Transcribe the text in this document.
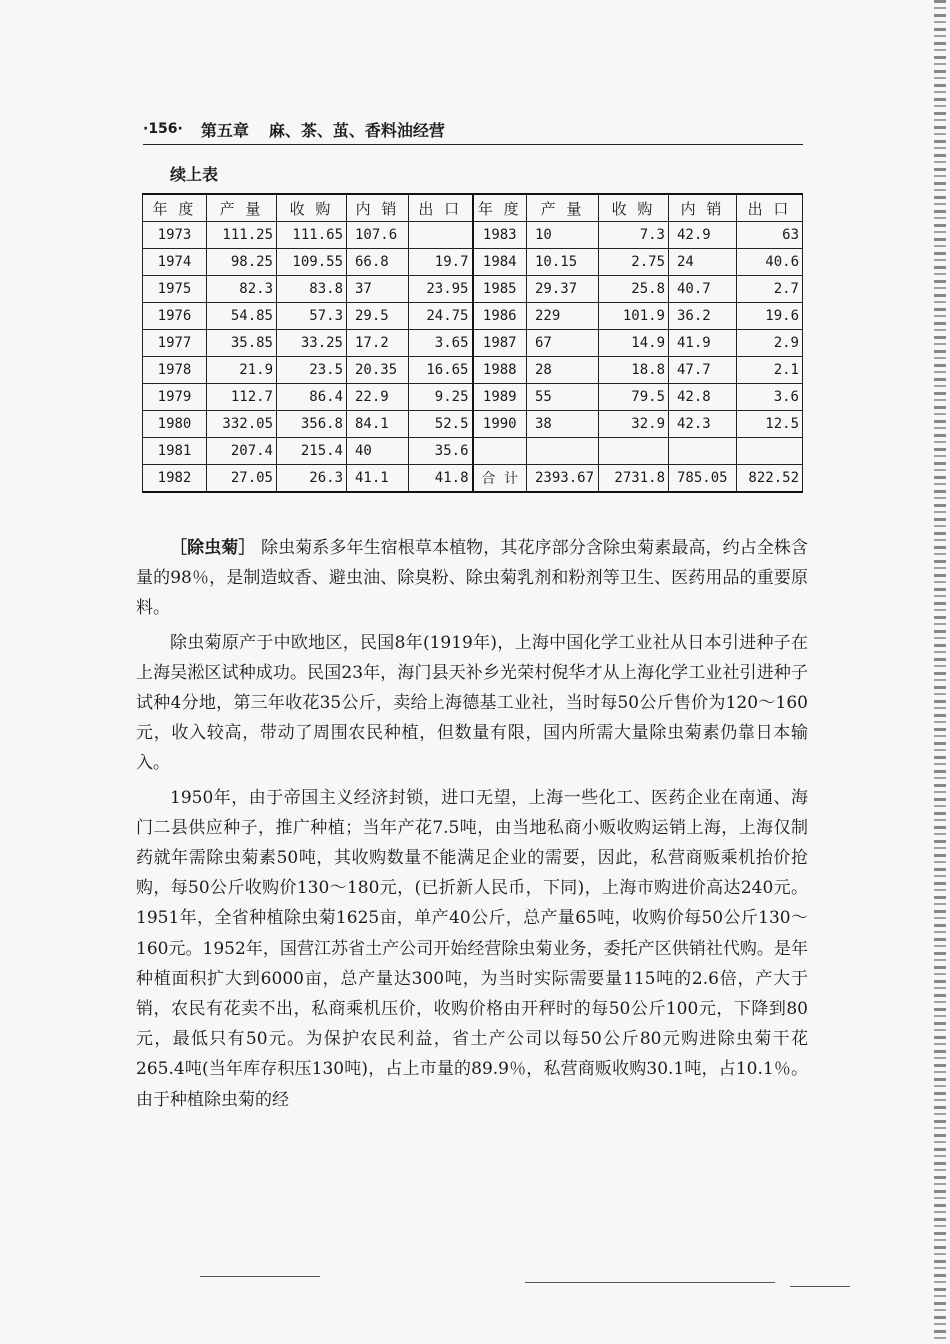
·156· 第五章 麻、茶、茧、香料油经营
续上表
年 度	产 量	收 购	内 销	出 口	年 度	产 量	收 购	内 销	出 口
1973	111.25	111.65	107.6		1983	10	7.3	42.9	63
1974	98.25	109.55	66.8	19.7	1984	10.15	2.75	24	40.6
1975	82.3	83.8	37	23.95	1985	29.37	25.8	40.7	2.7
1976	54.85	57.3	29.5	24.75	1986	229	101.9	36.2	19.6
1977	35.85	33.25	17.2	3.65	1987	67	14.9	41.9	2.9
1978	21.9	23.5	20.35	16.65	1988	28	18.8	47.7	2.1
1979	112.7	86.4	22.9	9.25	1989	55	79.5	42.8	3.6
1980	332.05	356.8	84.1	52.5	1990	38	32.9	42.3	12.5
1981	207.4	215.4	40	35.6					
1982	27.05	26.3	41.1	41.8	合 计	2393.67	2731.8	785.05	822.52

［除虫菊］ 除虫菊系多年生宿根草本植物，其花序部分含除虫菊素最高，约占全株含量的98％，是制造蚊香、避虫油、除臭粉、除虫菊乳剂和粉剂等卫生、医药用品的重要原料。

除虫菊原产于中欧地区，民国8年(1919年)，上海中国化学工业社从日本引进种子在上海吴淞区试种成功。民国23年，海门县天补乡光荣村倪华才从上海化学工业社引进种子试种4分地，第三年收花35公斤，卖给上海德基工业社，当时每50公斤售价为120～160元，收入较高，带动了周围农民种植，但数量有限，国内所需大量除虫菊素仍靠日本输入。

1950年，由于帝国主义经济封锁，进口无望，上海一些化工、医药企业在南通、海门二县供应种子，推广种植；当年产花7.5吨，由当地私商小贩收购运销上海，上海仅制药就年需除虫菊素50吨，其收购数量不能满足企业的需要，因此，私营商贩乘机抬价抢购，每50公斤收购价130～180元，(已折新人民币，下同)，上海市购进价高达240元。1951年，全省种植除虫菊1625亩，单产40公斤，总产量65吨，收购价每50公斤130～160元。1952年，国营江苏省土产公司开始经营除虫菊业务，委托产区供销社代购。是年种植面积扩大到6000亩，总产量达300吨，为当时实际需要量115吨的2.6倍，产大于销，农民有花卖不出，私商乘机压价，收购价格由开秤时的每50公斤100元，下降到80元，最低只有50元。为保护农民利益，省土产公司以每50公斤80元购进除虫菊干花265.4吨(当年库存积压130吨)，占上市量的89.9％，私营商贩收购30.1吨，占10.1％。由于种植除虫菊的经
